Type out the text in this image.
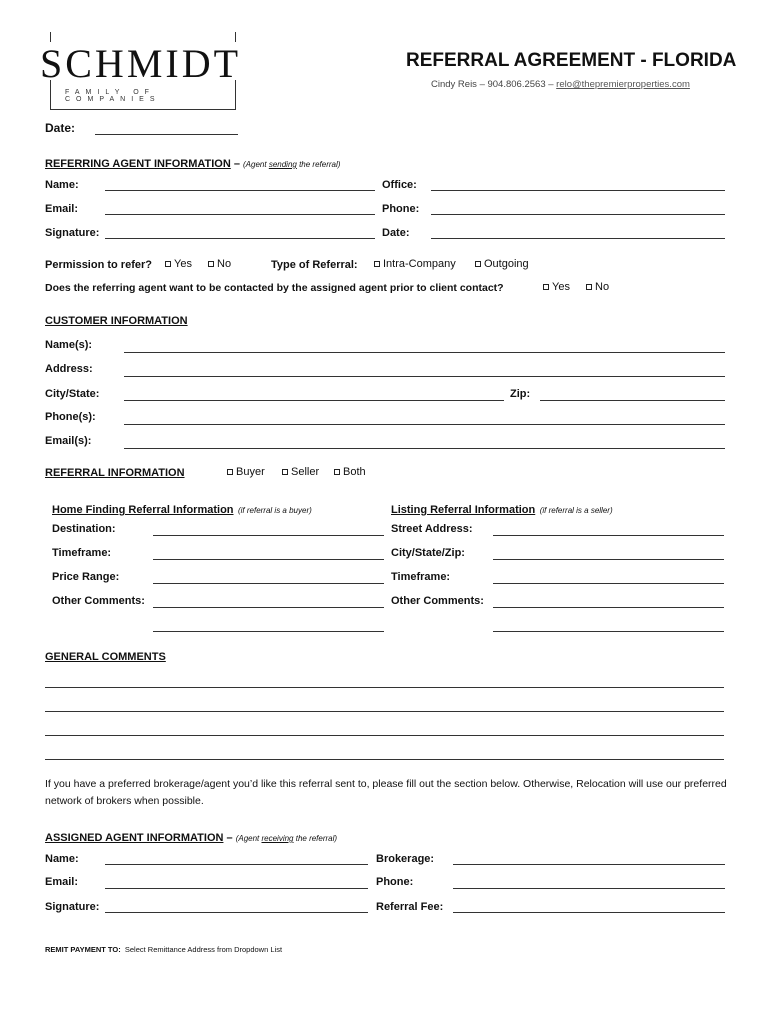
SCHMIDT
FAMILY OF COMPANIES
REFERRAL AGREEMENT - FLORIDA
Cindy Reis – 904.806.2563 – relo@thepremierproperties.com
Date:
REFERRING AGENT INFORMATION – (Agent sending the referral)
Name:	Office:
Email:	Phone:
Signature:	Date:
Permission to refer? Yes No	Type of Referral: Intra-Company	Outgoing
Does the referring agent want to be contacted by the assigned agent prior to client contact?	Yes No
CUSTOMER INFORMATION
Name(s):
Address:
City/State:	Zip:
Phone(s):
Email(s):
REFERRAL INFORMATION	Buyer Seller Both
Home Finding Referral Information (if referral is a buyer)	Listing Referral Information (if referral is a seller)
Destination:	Street Address:
Timeframe:	City/State/Zip:
Price Range:	Timeframe:
Other Comments:	Other Comments:
GENERAL COMMENTS
If you have a preferred brokerage/agent you’d like this referral sent to, please fill out the section below. Otherwise, Relocation will use our preferred network of brokers when possible.
ASSIGNED AGENT INFORMATION – (Agent receiving the referral)
Name:	Brokerage:
Email:	Phone:
Signature:	Referral Fee:
REMIT PAYMENT TO: Select Remittance Address from Dropdown List
